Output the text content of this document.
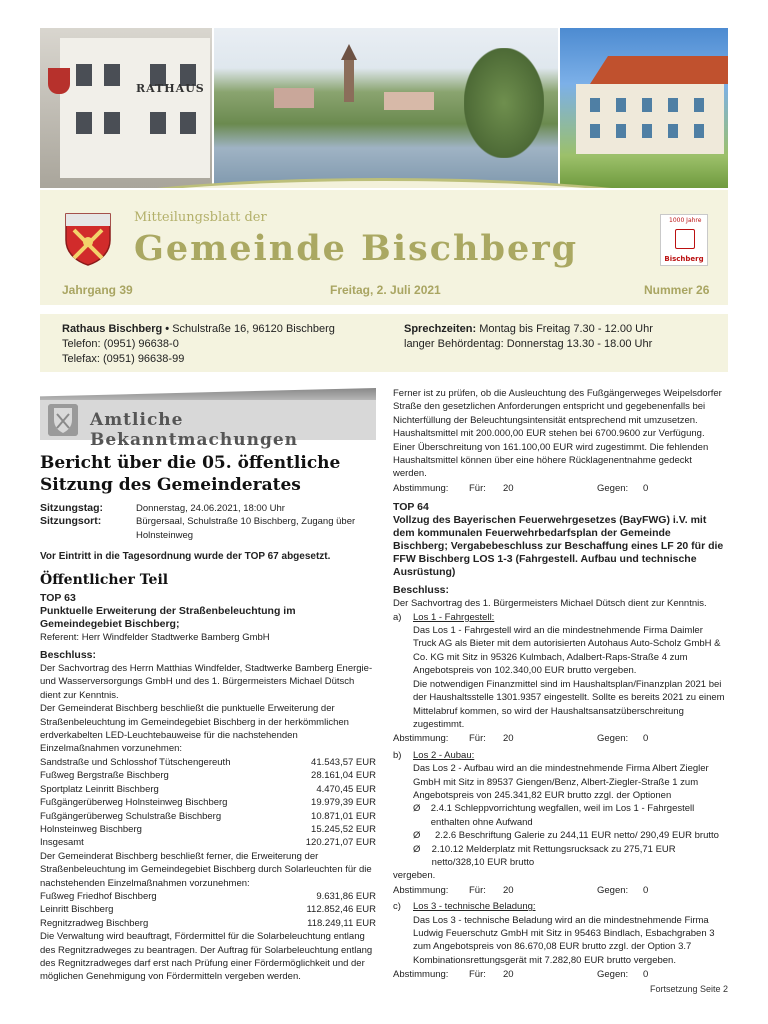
RATHAUS
Mitteilungsblatt der
Gemeinde Bischberg
1000 Jahre
Bischberg
Jahrgang 39	Freitag, 2. Juli 2021	Nummer 26
Rathaus Bischberg • Schulstraße 16, 96120 Bischberg
Telefon: (0951) 96638-0
Telefax: (0951) 96638-99
Sprechzeiten: Montag bis Freitag 7.30 - 12.00 Uhr
langer Behördentag: Donnerstag 13.30 - 18.00 Uhr
Amtliche Bekanntmachungen
Bericht über die 05. öffentliche Sitzung des Gemeinderates
Sitzungstag:	Donnerstag, 24.06.2021, 18:00 Uhr
Sitzungsort:	Bürgersaal, Schulstraße 10 Bischberg, Zugang über Holnsteinweg
Vor Eintritt in die Tagesordnung wurde der TOP 67 abgesetzt.
Öffentlicher Teil
TOP 63
Punktuelle Erweiterung der Straßenbeleuchtung im Gemeindegebiet Bischberg;
Referent: Herr Windfelder Stadtwerke Bamberg GmbH
Beschluss:

Der Sachvortrag des Herrn Matthias Windfelder, Stadtwerke Bamberg Energie- und Wasserversorgungs GmbH und des 1. Bürgermeisters Michael Dütsch dient zur Kenntnis.

Der Gemeinderat Bischberg beschließt die punktuelle Erweiterung der Straßenbeleuchtung im Gemeindegebiet Bischberg in der herkömmlichen erdverkabelten LED-Leuchtebauweise für die nachstehenden Einzelmaßnahmen vorzunehmen:

Sandstraße und Schlosshof Tütschengereuth	41.543,57 EUR
Fußweg Bergstraße Bischberg	28.161,04 EUR
Sportplatz Leinritt Bischberg	4.470,45 EUR
Fußgängerüberweg Holnsteinweg Bischberg	19.979,39 EUR
Fußgängerüberweg Schulstraße Bischberg	10.871,01 EUR
Holnsteinweg Bischberg	15.245,52 EUR
Insgesamt	120.271,07 EUR

Der Gemeinderat Bischberg beschließt ferner, die Erweiterung der Straßenbeleuchtung im Gemeindegebiet Bischberg durch Solarleuchten für die nachstehenden Einzelmaßnahmen vorzunehmen:

Fußweg Friedhof Bischberg	9.631,86 EUR
Leinritt Bischberg	112.852,46 EUR
Regnitzradweg Bischberg	118.249,11 EUR

Die Verwaltung wird beauftragt, Fördermittel für die Solarbeleuchtung entlang des Regnitzradweges zu beantragen. Der Auftrag für Solarbeleuchtung entlang des Regnitzradweges darf erst nach Prüfung einer Fördermöglichkeit und der möglichen Genehmigung von Fördermitteln vergeben werden.

Ferner ist zu prüfen, ob die Ausleuchtung des Fußgängerweges Weipelsdorfer Straße den gesetzlichen Anforderungen entspricht und gegebenenfalls bei Nichterfüllung der Beleuchtungsintensität entsprechend mit umzusetzen.

Haushaltsmittel mit 200.000,00 EUR stehen bei 6700.9600 zur Verfügung. Einer Überschreitung von 161.100,00 EUR wird zugestimmt. Die fehlenden Haushaltsmittel können über eine höhere Rücklagenentnahme gedeckt werden.

Abstimmung:	Für:	20	Gegen:	0
TOP 64
Vollzug des Bayerischen Feuerwehrgesetzes (BayFWG) i.V. mit dem kommunalen Feuerwehrbedarfsplan der Gemeinde Bischberg; Vergabebeschluss zur Beschaffung eines LF 20 für die FFW Bischberg LOS 1-3 (Fahrgestell. Aufbau und technische Ausrüstung)
Beschluss:

Der Sachvortrag des 1. Bürgermeisters Michael Dütsch dient zur Kenntnis.

a)	Los 1 - Fahrgestell:
Das Los 1 - Fahrgestell wird an die mindestnehmende Firma Daimler Truck AG als Bieter mit dem autorisierten Autohaus Auto-Scholz GmbH & Co. KG mit Sitz in 95326 Kulmbach, Adalbert-Raps-Straße 4 zum Angebotspreis von 102.340,00 EUR brutto vergeben.
Die notwendigen Finanzmittel sind im Haushaltsplan/Finanzplan 2021 bei der Haushaltsstelle 1301.9357 eingestellt. Sollte es bereits 2021 zu einem Mittelabruf kommen, so wird der Haushaltsansatzüberschreitung zugestimmt.
Abstimmung:	Für:	20	Gegen:	0
b)	Los 2 - Aubau:
Das Los 2 - Aufbau wird an die mindestnehmende Firma Albert Ziegler GmbH mit Sitz in 89537 Giengen/Benz, Albert-Ziegler-Straße 1 zum Angebotspreis von 245.341,82 EUR brutto zzgl. der Optionen
Ø	2.4.1 Schleppvorrichtung wegfallen, weil im Los 1 - Fahrgestell enthalten ohne Aufwand
Ø	2.2.6 Beschriftung Galerie zu 244,11 EUR netto/ 290,49 EUR brutto
Ø	2.10.12 Melderplatz mit Rettungsrucksack zu 275,71 EUR netto/328,10 EUR brutto
vergeben.
Abstimmung:	Für:	20	Gegen:	0
c)	Los 3 - technische Beladung:
Das Los 3 - technische Beladung wird an die mindestnehmende Firma Ludwig Feuerschutz GmbH mit Sitz in 95463 Bindlach, Esbachgraben 3 zum Angebotspreis von 86.670,08 EUR brutto zzgl. der Option 3.7 Kombinationsrettungsgerät mit 7.282,80 EUR brutto vergeben.
Abstimmung:	Für:	20	Gegen:	0
Fortsetzung Seite 2
